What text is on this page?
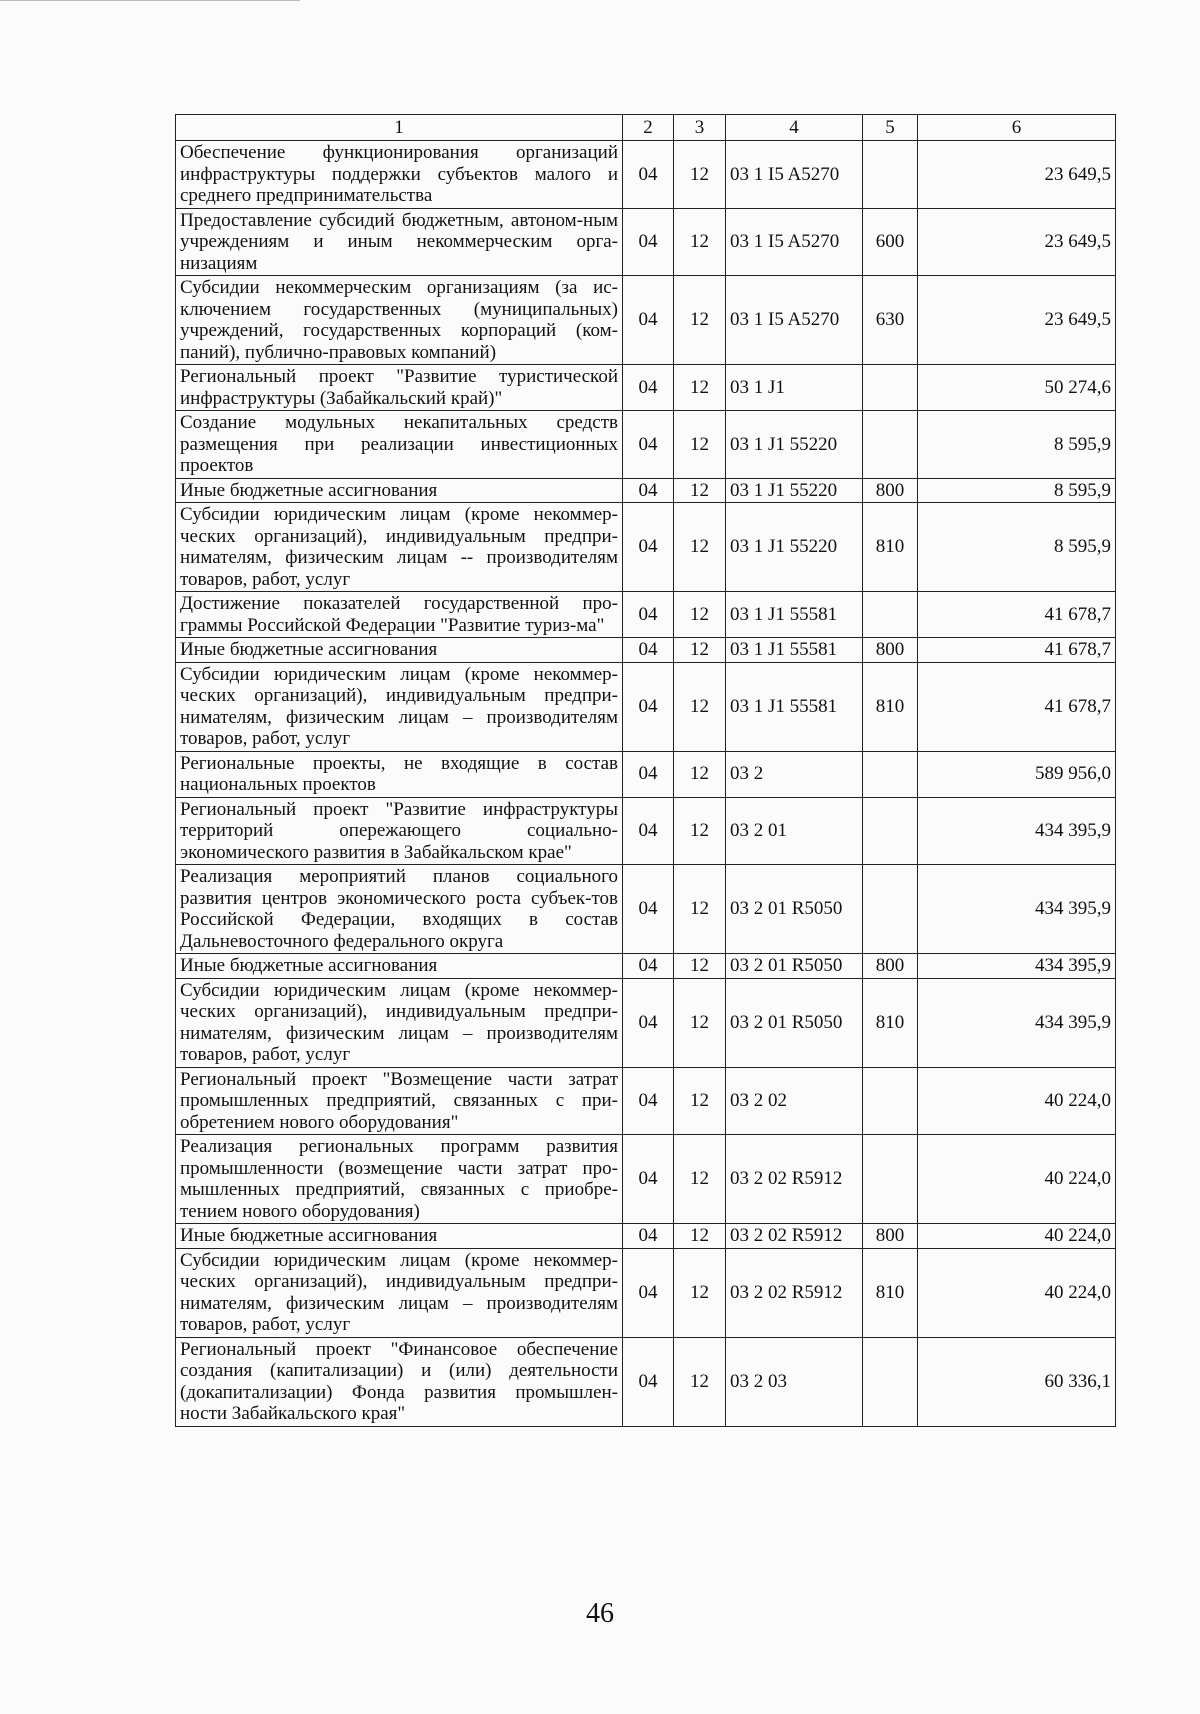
1	2	3	4	5	6
Обеспечение функционирования организаций инфраструктуры поддержки субъектов малого и среднего предпринимательства	04	12	03 1 I5 A5270		23 649,5
Предоставление субсидий бюджетным, автоном-ным учреждениям и иным некоммерческим орга-низациям	04	12	03 1 I5 A5270	600	23 649,5
Субсидии некоммерческим организациям (за ис-ключением государственных (муниципальных) учреждений, государственных корпораций (ком-паний), публично-правовых компаний)	04	12	03 1 I5 A5270	630	23 649,5
Региональный проект "Развитие туристической инфраструктуры (Забайкальский край)"	04	12	03 1 J1		50 274,6
Создание модульных некапитальных средств размещения при реализации инвестиционных проектов	04	12	03 1 J1 55220		8 595,9
Иные бюджетные ассигнования	04	12	03 1 J1 55220	800	8 595,9
Субсидии юридическим лицам (кроме некоммер-ческих организаций), индивидуальным предпри-нимателям, физическим лицам -- производителям товаров, работ, услуг	04	12	03 1 J1 55220	810	8 595,9
Достижение показателей государственной про-граммы Российской Федерации "Развитие туриз-ма"	04	12	03 1 J1 55581		41 678,7
Иные бюджетные ассигнования	04	12	03 1 J1 55581	800	41 678,7
Субсидии юридическим лицам (кроме некоммер-ческих организаций), индивидуальным предпри-нимателям, физическим лицам – производителям товаров, работ, услуг	04	12	03 1 J1 55581	810	41 678,7
Региональные проекты, не входящие в состав национальных проектов	04	12	03 2		589 956,0
Региональный проект "Развитие инфраструктуры территорий опережающего социально-экономического развития в Забайкальском крае"	04	12	03 2 01		434 395,9
Реализация мероприятий планов социального развития центров экономического роста субъек-тов Российской Федерации, входящих в состав Дальневосточного федерального округа	04	12	03 2 01 R5050		434 395,9
Иные бюджетные ассигнования	04	12	03 2 01 R5050	800	434 395,9
Субсидии юридическим лицам (кроме некоммер-ческих организаций), индивидуальным предпри-нимателям, физическим лицам – производителям товаров, работ, услуг	04	12	03 2 01 R5050	810	434 395,9
Региональный проект "Возмещение части затрат промышленных предприятий, связанных с при-обретением нового оборудования"	04	12	03 2 02		40 224,0
Реализация региональных программ развития промышленности (возмещение части затрат про-мышленных предприятий, связанных с приобре-тением нового оборудования)	04	12	03 2 02 R5912		40 224,0
Иные бюджетные ассигнования	04	12	03 2 02 R5912	800	40 224,0
Субсидии юридическим лицам (кроме некоммер-ческих организаций), индивидуальным предпри-нимателям, физическим лицам – производителям товаров, работ, услуг	04	12	03 2 02 R5912	810	40 224,0
Региональный проект "Финансовое обеспечение создания (капитализации) и (или) деятельности (докапитализации) Фонда развития промышлен-ности Забайкальского края"	04	12	03 2 03		60 336,1
46
